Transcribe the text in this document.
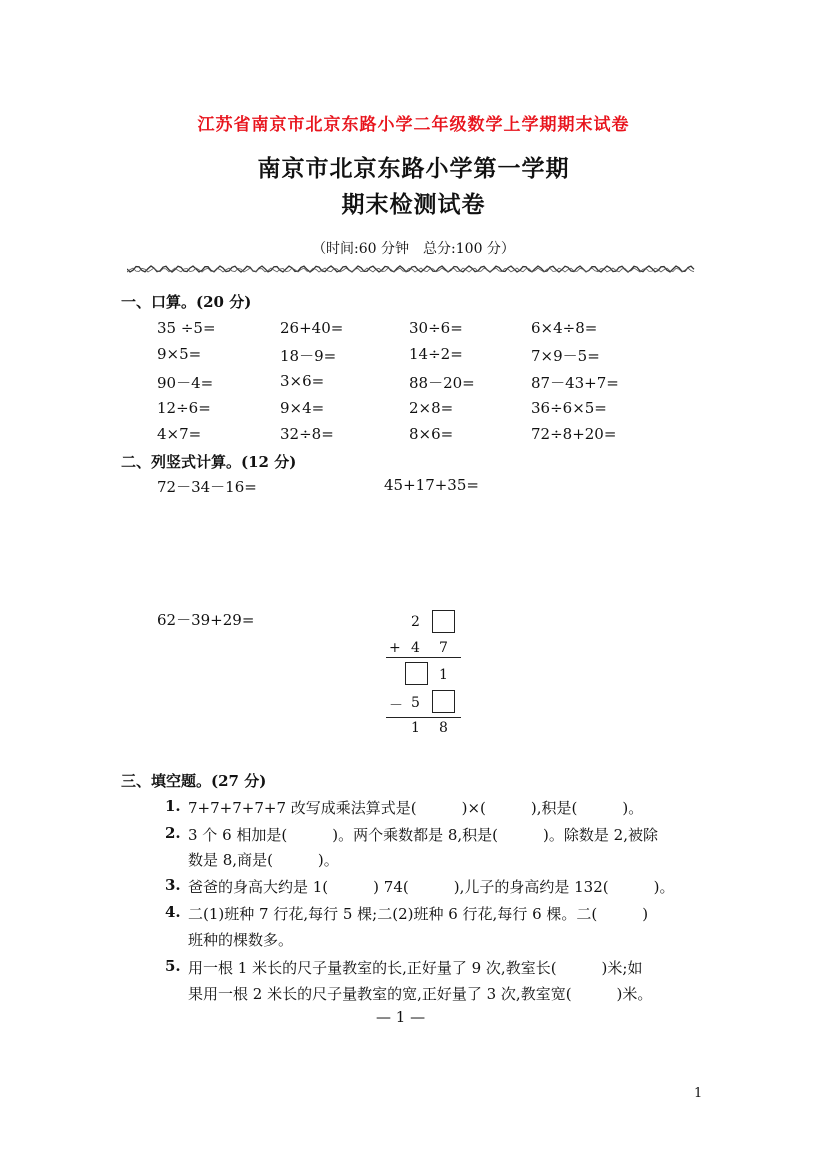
江苏省南京市北京东路小学二年级数学上学期期末试卷
南京市北京东路小学第一学期
期末检测试卷
（时间:60 分钟　总分:100 分）
一、口算。(20 分)
35 ÷5=	26+40=	30÷6=	6×4÷8=
9×5=	18－9=	14÷2=	7×9－5=
90－4=	3×6=	88－20=	87－43+7=
12÷6=	9×4=	2×8=	36÷6×5=
4×7=	32÷8=	8×6=	72÷8+20=
二、列竖式计算。(12 分)
72－34－16=	45+17+35=
62－39+29=	2
+ 4 7
1
－ 5
1 8
三、填空题。(27 分)
1. 7+7+7+7+7 改写成乘法算式是(　　　)×(　　　),积是(　　　)。
2. 3 个 6 相加是(　　　)。两个乘数都是 8,积是(　　　)。除数是 2,被除
数是 8,商是(　　　)。
3. 爸爸的身高大约是 1(　　　) 74(　　　),儿子的身高约是 132(　　　)。
4. 二(1)班种 7 行花,每行 5 棵;二(2)班种 6 行花,每行 6 棵。二(　　　)
班种的棵数多。
5. 用一根 1 米长的尺子量教室的长,正好量了 9 次,教室长(　　　)米;如
果用一根 2 米长的尺子量教室的宽,正好量了 3 次,教室宽(　　　)米。
— 1 —
1
